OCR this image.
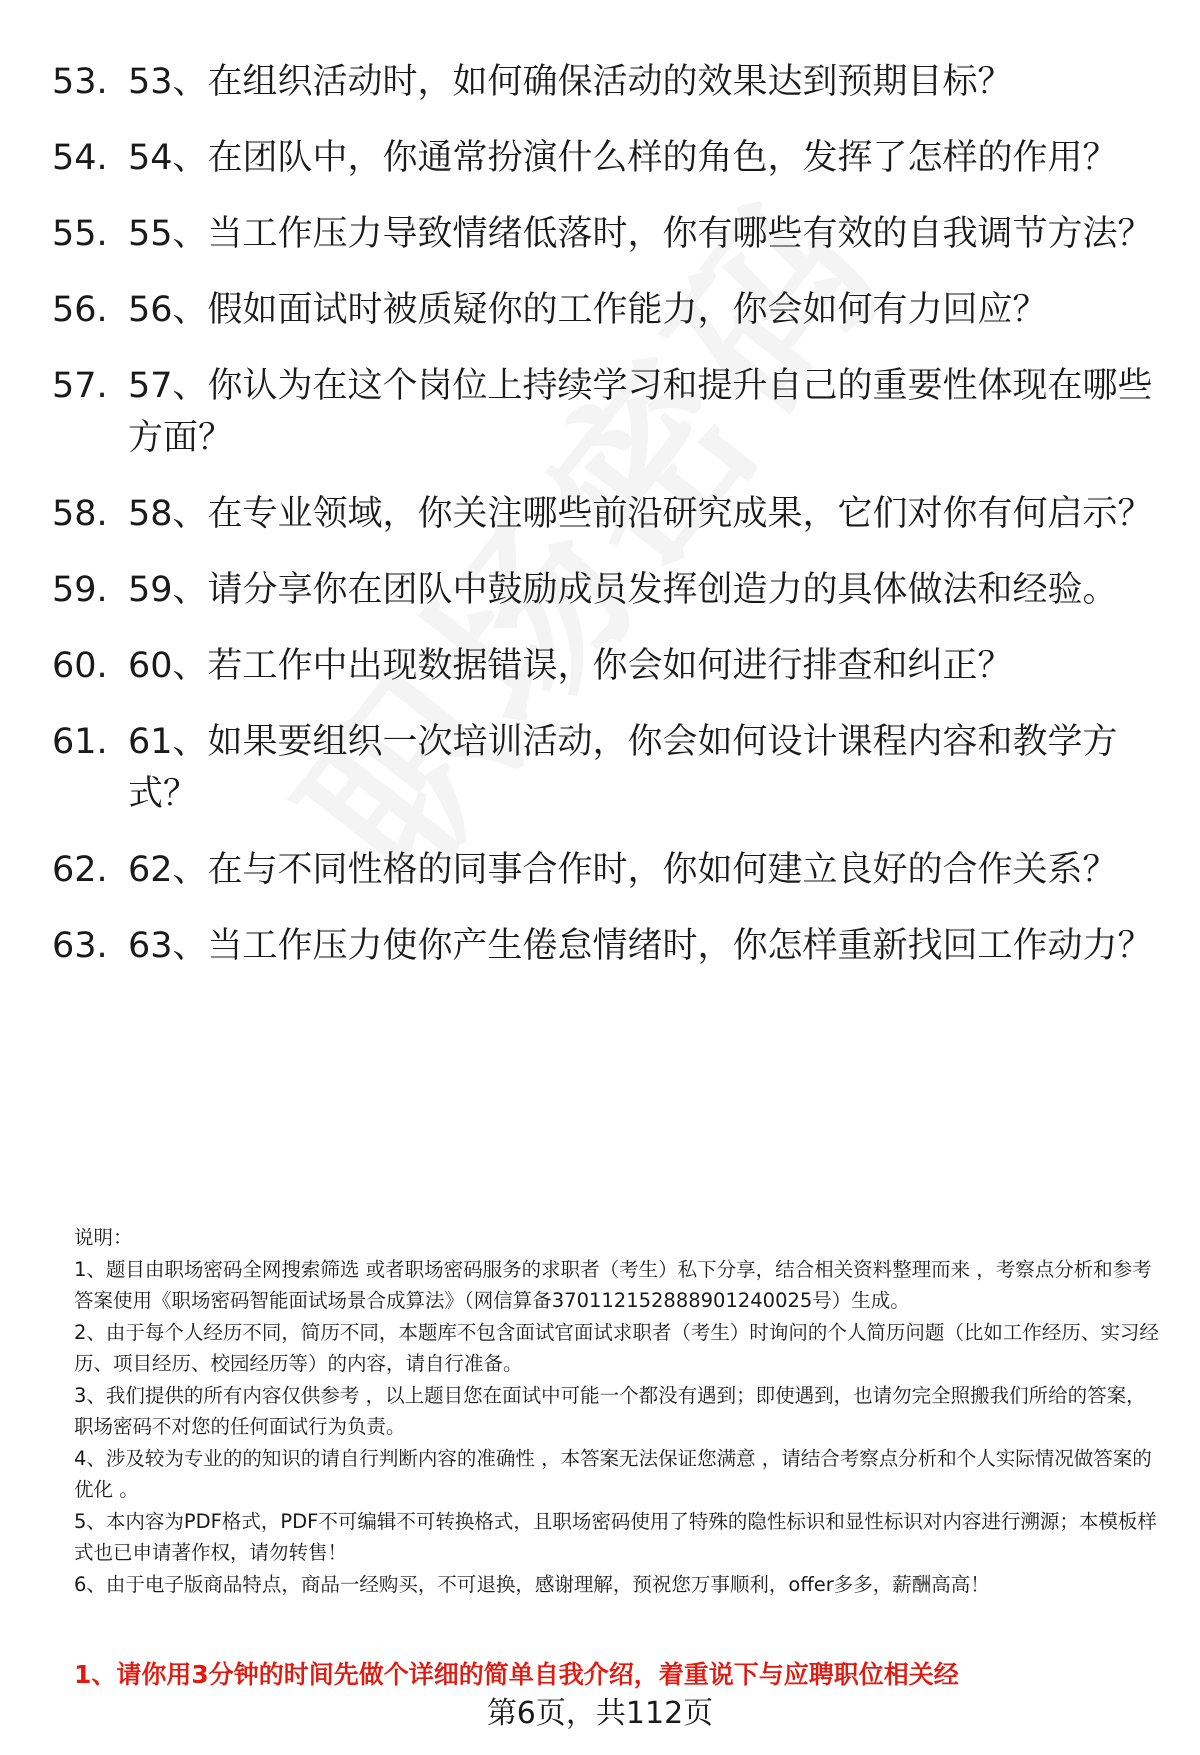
53. 53、在组织活动时，如何确保活动的效果达到预期目标？
54. 54、在团队中，你通常扮演什么样的角色，发挥了怎样的作用？
55. 55、当工作压力导致情绪低落时，你有哪些有效的自我调节方法？
56. 56、假如面试时被质疑你的工作能力，你会如何有力回应？
57. 57、你认为在这个岗位上持续学习和提升自己的重要性体现在哪些方面？
58. 58、在专业领域，你关注哪些前沿研究成果，它们对你有何启示？
59. 59、请分享你在团队中鼓励成员发挥创造力的具体做法和经验。
60. 60、若工作中出现数据错误，你会如何进行排查和纠正？
61. 61、如果要组织一次培训活动，你会如何设计课程内容和教学方式？
62. 62、在与不同性格的同事合作时，你如何建立良好的合作关系？
63. 63、当工作压力使你产生倦怠情绪时，你怎样重新找回工作动力？

说明：

1、题目由职场密码全网搜索筛选 或者职场密码服务的求职者（考生）私下分享，结合相关资料整理而来 ，考察点分析和参考答案使用《职场密码智能面试场景合成算法》（网信算备370112152888901240025号）生成。

2、由于每个人经历不同，简历不同，本题库不包含面试官面试求职者（考生）时询问的个人简历问题（比如工作经历、实习经历、项目经历、校园经历等）的内容，请自行准备。

3、我们提供的所有内容仅供参考 ，以上题目您在面试中可能一个都没有遇到；即使遇到，也请勿完全照搬我们所给的答案，职场密码不对您的任何面试行为负责。

4、涉及较为专业的的知识的请自行判断内容的准确性 ，本答案无法保证您满意 ，请结合考察点分析和个人实际情况做答案的优化 。

5、本内容为PDF格式，PDF不可编辑不可转换格式，且职场密码使用了特殊的隐性标识和显性标识对内容进行溯源；本模板样式也已申请著作权，请勿转售！

6、由于电子版商品特点，商品一经购买，不可退换，感谢理解，预祝您万事顺利，offer多多，薪酬高高！

1、请你用3分钟的时间先做个详细的简单自我介绍，着重说下与应聘职位相关经
第6页，共112页
